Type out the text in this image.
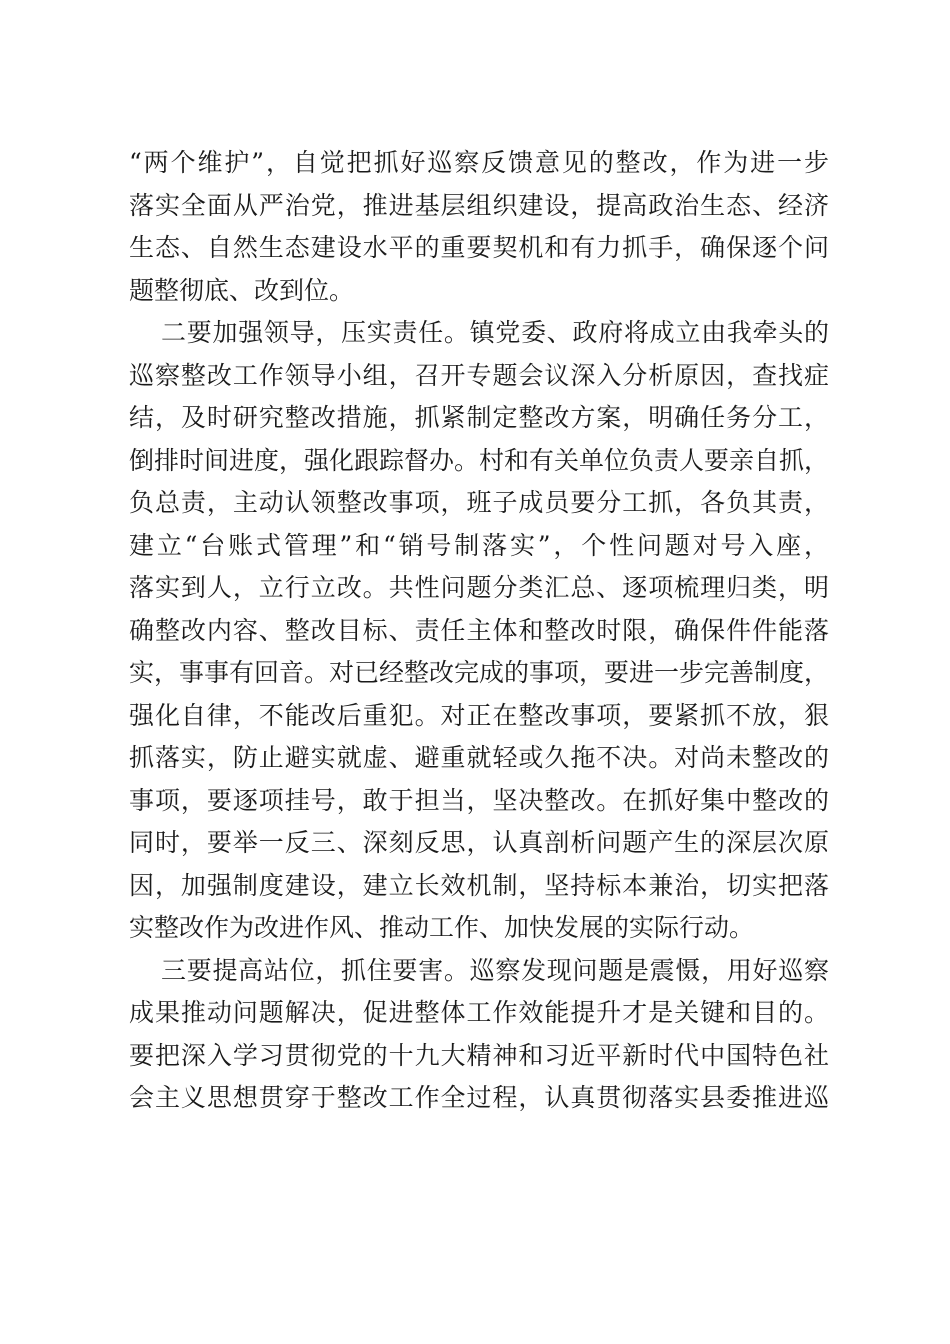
“两个维护”，自觉把抓好巡察反馈意见的整改，作为进一步
落实全面从严治党，推进基层组织建设，提高政治生态、经济
生态、自然生态建设水平的重要契机和有力抓手，确保逐个问
题整彻底、改到位。
二要加强领导，压实责任。镇党委、政府将成立由我牵头的
巡察整改工作领导小组，召开专题会议深入分析原因，查找症
结，及时研究整改措施，抓紧制定整改方案，明确任务分工，
倒排时间进度，强化跟踪督办。村和有关单位负责人要亲自抓，
负总责，主动认领整改事项，班子成员要分工抓，各负其责，
建立“台账式管理”和“销号制落实”，个性问题对号入座，
落实到人，立行立改。共性问题分类汇总、逐项梳理归类，明
确整改内容、整改目标、责任主体和整改时限，确保件件能落
实，事事有回音。对已经整改完成的事项，要进一步完善制度，
强化自律，不能改后重犯。对正在整改事项，要紧抓不放，狠
抓落实，防止避实就虚、避重就轻或久拖不决。对尚未整改的
事项，要逐项挂号，敢于担当，坚决整改。在抓好集中整改的
同时，要举一反三、深刻反思，认真剖析问题产生的深层次原
因，加强制度建设，建立长效机制，坚持标本兼治，切实把落
实整改作为改进作风、推动工作、加快发展的实际行动。
三要提高站位，抓住要害。巡察发现问题是震慑，用好巡察
成果推动问题解决，促进整体工作效能提升才是关键和目的。
要把深入学习贯彻党的十九大精神和习近平新时代中国特色社
会主义思想贯穿于整改工作全过程，认真贯彻落实县委推进巡
